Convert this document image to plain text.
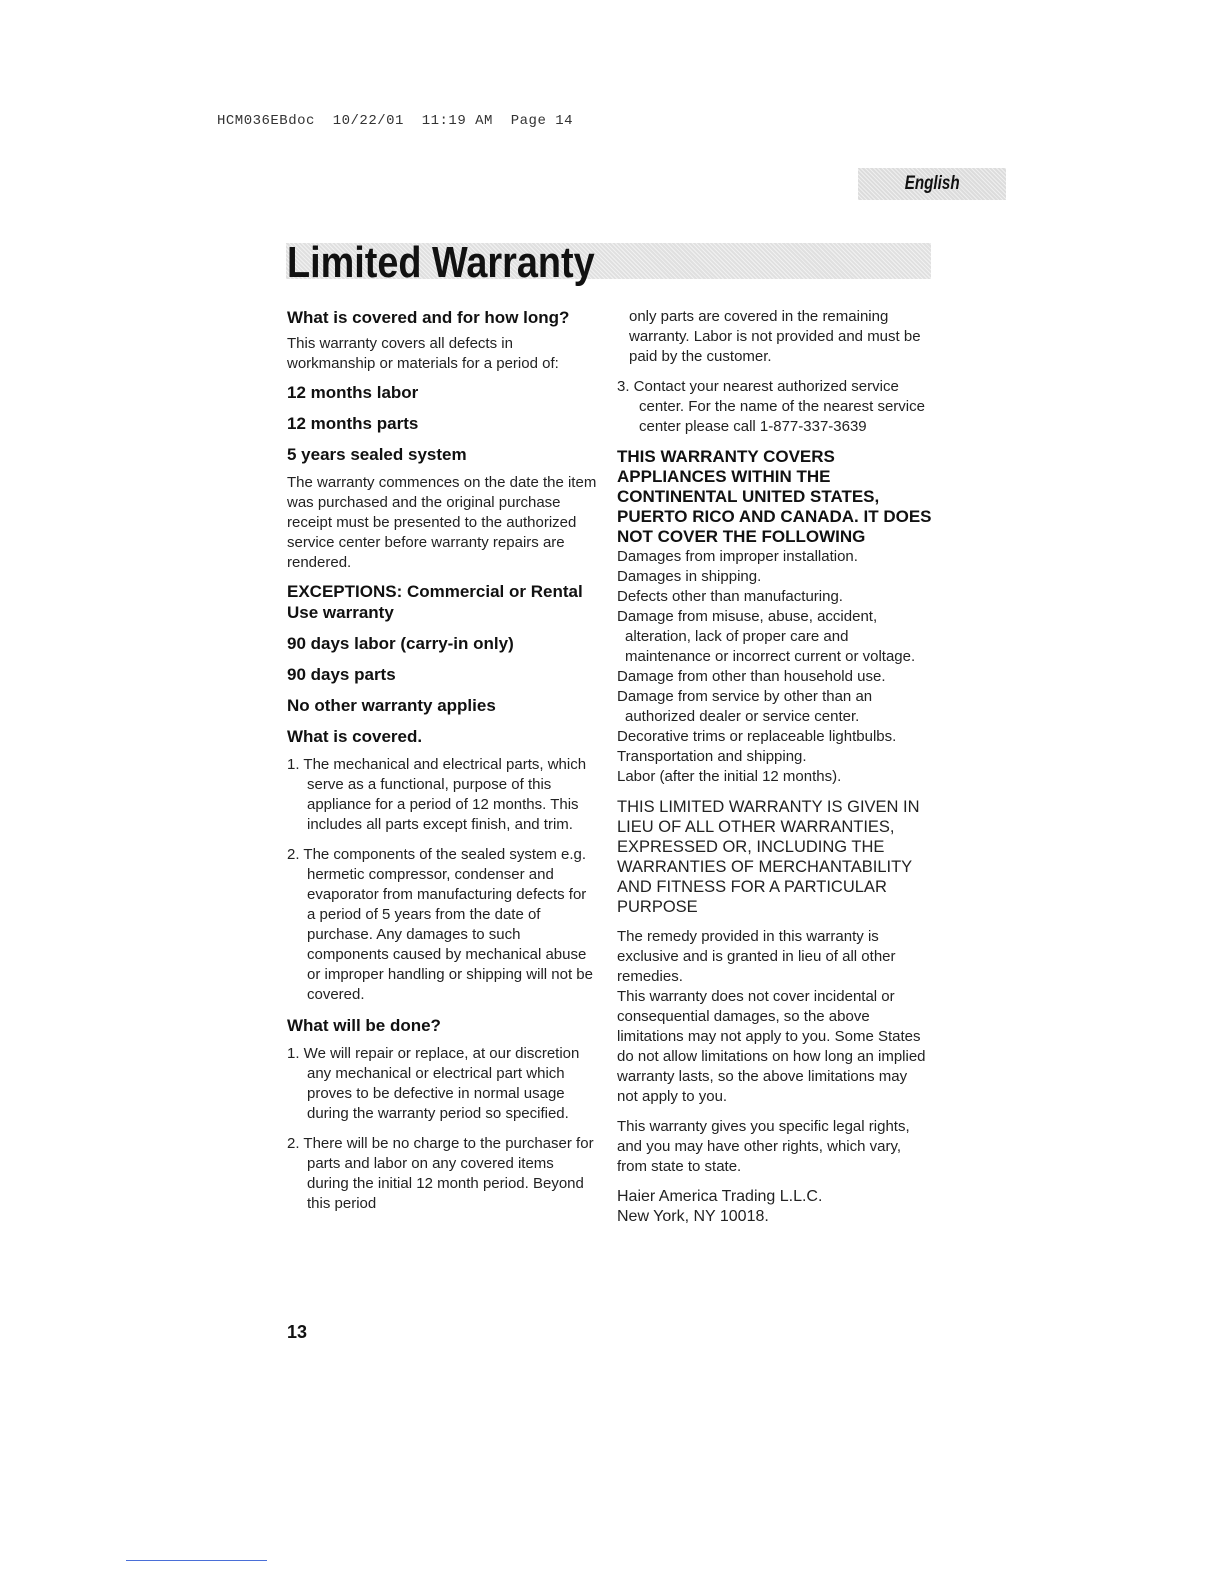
HCM036EBdoc  10/22/01  11:19 AM  Page 14
English
Limited Warranty

What is covered and for how long?

This warranty covers all defects in workmanship or materials for a period of:

12 months labor

12 months parts

5 years sealed system

The warranty commences on the date the item was purchased and the original purchase receipt must be presented to the authorized service center before warranty repairs are rendered.

EXCEPTIONS: Commercial or Rental Use warranty

90 days labor (carry-in only)

90 days parts

No other warranty applies

What is covered.

1. The mechanical and electrical parts, which serve as a functional, purpose of this appliance for a period of 12 months. This includes all parts except finish, and trim.

2. The components of the sealed system e.g. hermetic compressor, condenser and evaporator from manufacturing defects for a period of 5 years from the date of purchase. Any damages to such components caused by mechanical abuse or improper handling or shipping will not be covered.

What will be done?

1. We will repair or replace, at our discretion any mechanical or electrical part which proves to be defective in normal usage during the warranty period so specified.

2. There will be no charge to the purchaser for parts and labor on any covered items during the initial 12 month period. Beyond this period

13

only parts are covered in the remaining warranty. Labor is not provided and must be paid by the customer.

3. Contact your nearest authorized service center. For the name of the nearest service center please call 1-877-337-3639

THIS WARRANTY COVERS APPLIANCES WITHIN THE CONTINENTAL UNITED STATES, PUERTO RICO AND CANADA. IT DOES NOT COVER THE FOLLOWING

Damages from improper installation.

Damages in shipping.

Defects other than manufacturing.

Damage from misuse, abuse, accident, alteration, lack of proper care and maintenance or incorrect current or voltage.

Damage from other than household use.

Damage from service by other than an authorized dealer or service center.

Decorative trims or replaceable lightbulbs.

Transportation and shipping.

Labor (after the initial 12 months).

THIS LIMITED WARRANTY IS GIVEN IN LIEU OF ALL OTHER WARRANTIES, EXPRESSED OR, INCLUDING THE WARRANTIES OF MERCHANTABILITY AND FITNESS FOR A PARTICULAR PURPOSE

The remedy provided in this warranty is exclusive and is granted in lieu of all other remedies.

This warranty does not cover incidental or consequential damages, so the above limitations may not apply to you. Some States do not allow limitations on how long an implied warranty lasts, so the above limitations may not apply to you.

This warranty gives you specific legal rights, and you may have other rights, which vary, from state to state.

Haier America Trading L.L.C.

New York, NY 10018.
